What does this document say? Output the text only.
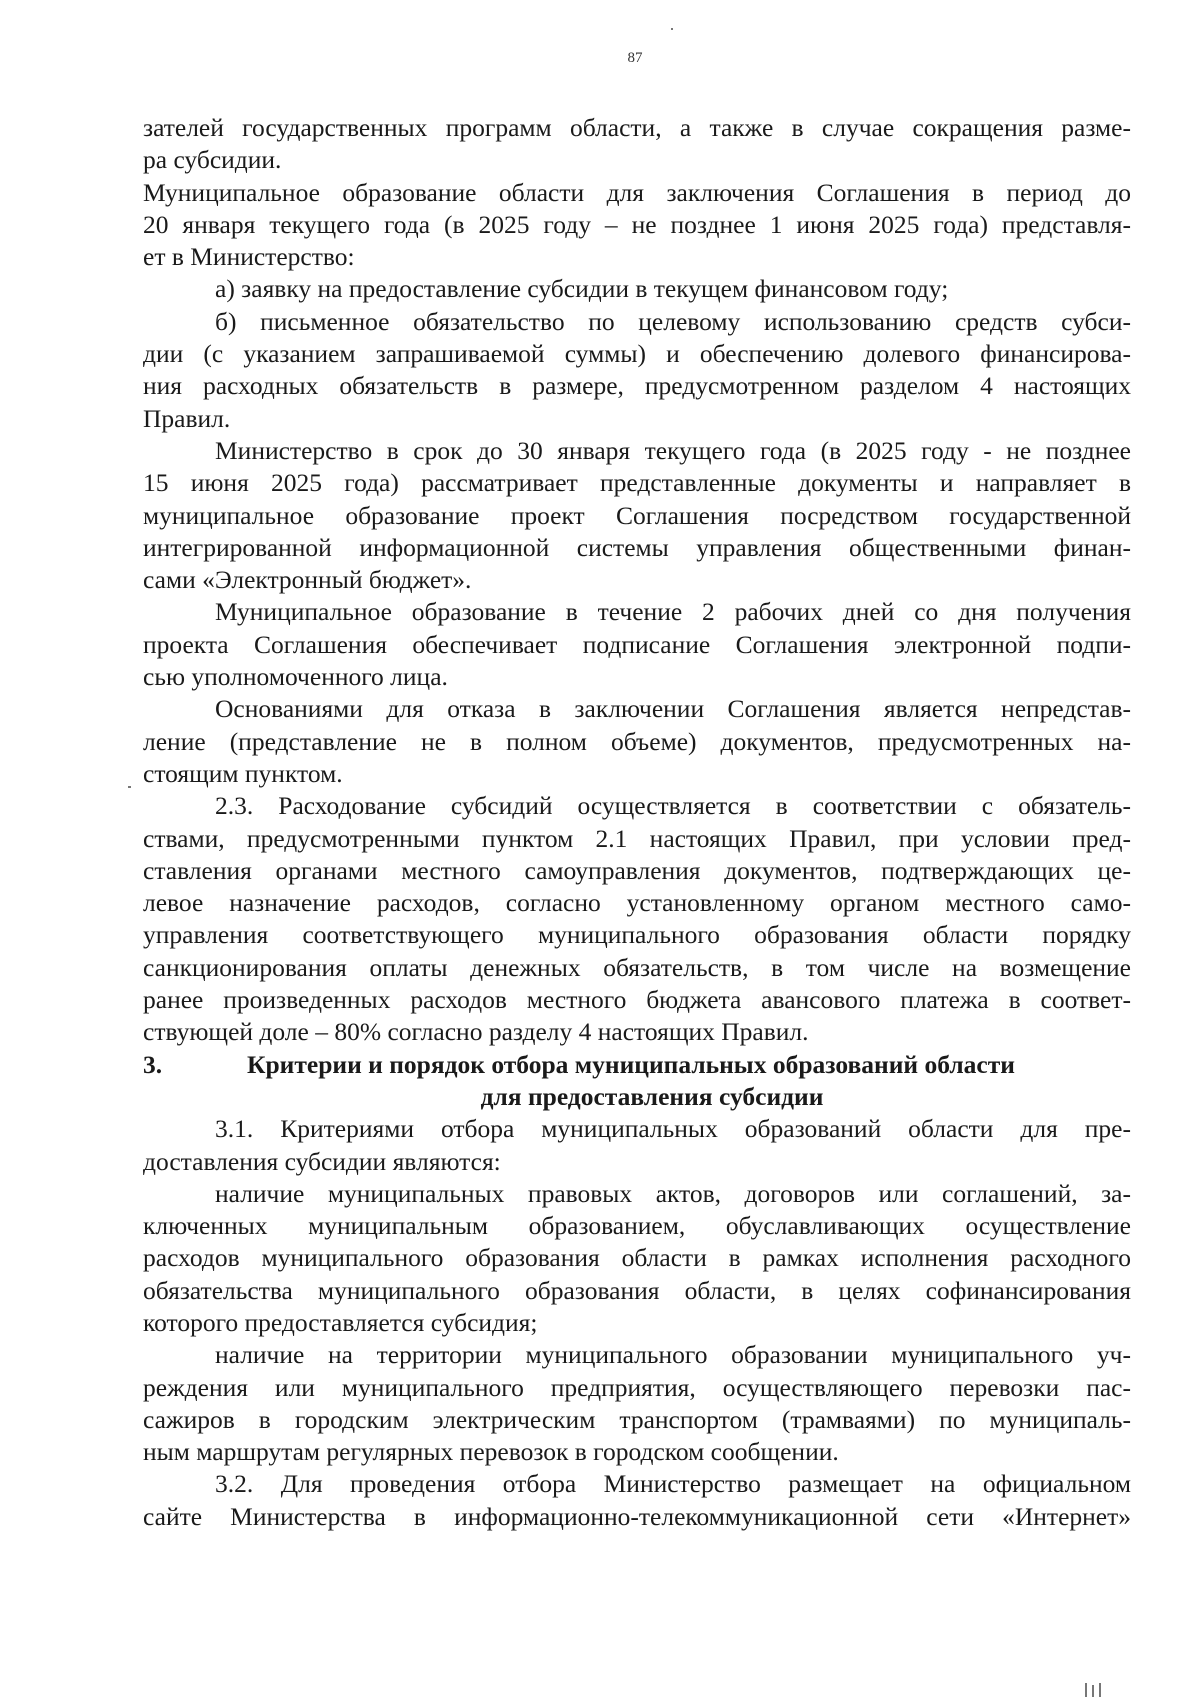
87
зателей государственных программ области, а также в случае сокращения разме-
ра субсидии.
Муниципальное образование области для заключения Соглашения в период до
20 января текущего года (в 2025 году – не позднее 1 июня 2025 года) представля-
ет в Министерство:
а) заявку на предоставление субсидии в текущем финансовом году;
б) письменное обязательство по целевому использованию средств субси-
дии (с указанием запрашиваемой суммы) и обеспечению долевого финансирова-
ния расходных обязательств в размере, предусмотренном разделом 4 настоящих
Правил.
Министерство в срок до 30 января текущего года (в 2025 году - не позднее
15 июня 2025 года) рассматривает представленные документы и направляет в
муниципальное образование проект Соглашения посредством государственной
интегрированной информационной системы управления общественными финан-
сами «Электронный бюджет».
Муниципальное образование в течение 2 рабочих дней со дня получения
проекта Соглашения обеспечивает подписание Соглашения электронной подпи-
сью уполномоченного лица.
Основаниями для отказа в заключении Соглашения является непредстав-
ление (представление не в полном объеме) документов, предусмотренных на-
стоящим пунктом.
2.3. Расходование субсидий осуществляется в соответствии с обязатель-
ствами, предусмотренными пунктом 2.1 настоящих Правил, при условии пред-
ставления органами местного самоуправления документов, подтверждающих це-
левое назначение расходов, согласно установленному органом местного само-
управления соответствующего муниципального образования области порядку
санкционирования оплаты денежных обязательств, в том числе на возмещение
ранее произведенных расходов местного бюджета авансового платежа в соответ-
ствующей доле – 80% согласно разделу 4 настоящих Правил.
3.	Критерии и порядок отбора муниципальных образований области
для предоставления субсидии
3.1. Критериями отбора муниципальных образований области для пре-
доставления субсидии являются:
наличие муниципальных правовых актов, договоров или соглашений, за-
ключенных муниципальным образованием, обуславливающих осуществление
расходов муниципального образования области в рамках исполнения расходного
обязательства муниципального образования области, в целях софинансирования
которого предоставляется субсидия;
наличие на территории муниципального образовании муниципального уч-
реждения или муниципального предприятия, осуществляющего перевозки пас-
сажиров в городским электрическим транспортом (трамваями) по муниципаль-
ным маршрутам регулярных перевозок в городском сообщении.
3.2. Для проведения отбора Министерство размещает на официальном
сайте Министерства в информационно-телекоммуникационной сети «Интернет»
